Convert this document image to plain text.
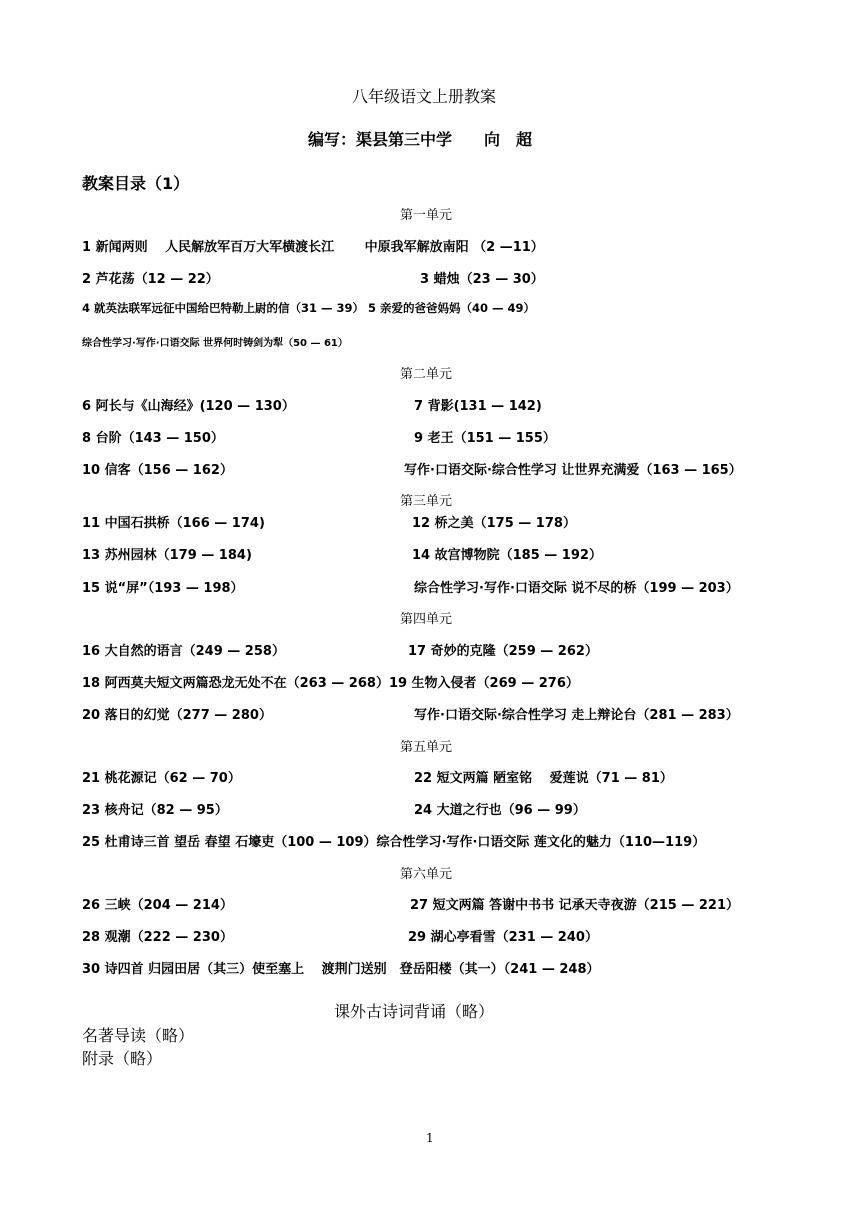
八年级语文上册教案
编写：渠县第三中学　　向　超
教案目录（1）
第一单元
1 新闻两则　 人民解放军百万大军横渡长江　　 中原我军解放南阳 （2 —11）
2 芦花荡（12 — 22）	3 蜡烛（23 — 30）
4 就英法联军远征中国给巴特勒上尉的信（31 — 39） 5 亲爱的爸爸妈妈（40 — 49）
综合性学习·写作·口语交际 世界何时铸剑为犁（50 — 61）
第二单元
6 阿长与《山海经》(120 — 130）	7 背影(131 — 142)
8 台阶（143 — 150）	9 老王（151 — 155）
10 信客（156 — 162）	写作·口语交际·综合性学习 让世界充满爱（163 — 165）
第三单元
11 中国石拱桥（166 — 174)	12 桥之美（175 — 178）
13 苏州园林（179 — 184)	14 故宫博物院（185 — 192）
15 说“屏”（193 — 198）	综合性学习·写作·口语交际 说不尽的桥（199 — 203）
第四单元
16 大自然的语言（249 — 258）	17 奇妙的克隆（259 — 262）
18 阿西莫夫短文两篇恐龙无处不在（263 — 268）19 生物入侵者（269 — 276）
20 落日的幻觉（277 — 280）	写作·口语交际·综合性学习 走上辩论台（281 — 283）
第五单元
21 桃花源记（62 — 70）	22 短文两篇 陋室铭　 爱莲说（71 — 81）
23 核舟记（82 — 95）	24 大道之行也（96 — 99）
25 杜甫诗三首 望岳 春望 石壕吏（100 — 109）综合性学习·写作·口语交际 莲文化的魅力（110—119）
第六单元
26 三峡（204 — 214）	27 短文两篇 答谢中书书 记承天寺夜游（215 — 221）
28 观潮（222 — 230）	29 湖心亭看雪（231 — 240）
30 诗四首 归园田居（其三）使至塞上　 渡荆门送别　登岳阳楼（其一）（241 — 248）
课外古诗词背诵（略）
名著导读（略）
附录（略）
1
